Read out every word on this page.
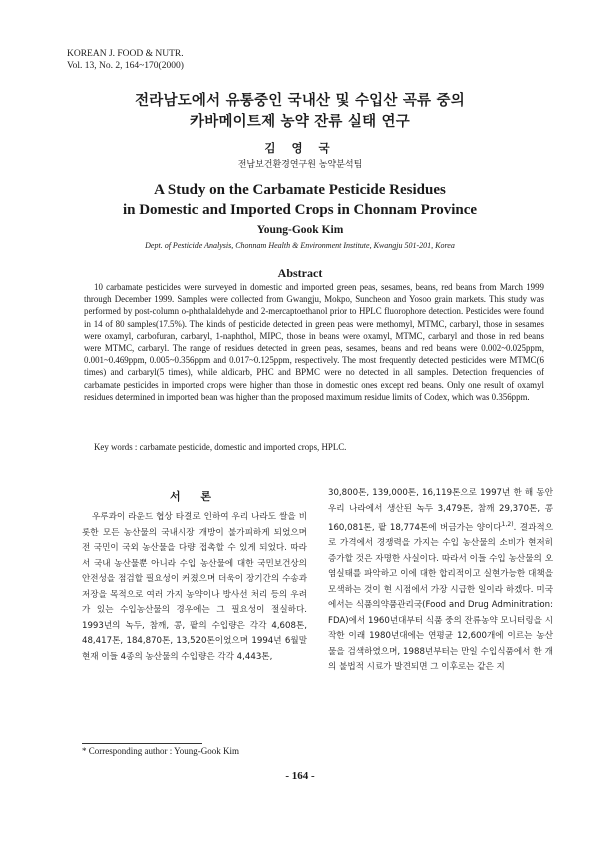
KOREAN J. FOOD & NUTR.
Vol. 13, No. 2, 164~170(2000)
전라남도에서 유통중인 국내산 및 수입산 곡류 중의
카바메이트제 농약 잔류 실태 연구
김 영 국
전남보건환경연구원 농약분석팀
A Study on the Carbamate Pesticide Residues
in Domestic and Imported Crops in Chonnam Province
Young-Gook Kim
Dept. of Pesticide Analysis, Chonnam Health & Environment Institute, Kwangju 501-201, Korea
Abstract
10 carbamate pesticides were surveyed in domestic and imported green peas, sesames, beans, red beans from March 1999 through December 1999. Samples were collected from Gwangju, Mokpo, Suncheon and Yosoo grain markets. This study was performed by post-column o-phthalaldehyde and 2-mercaptoethanol prior to HPLC fluorophore detection. Pesticides were found in 14 of 80 samples(17.5%). The kinds of pesticide detected in green peas were methomyl, MTMC, carbaryl, those in sesames were oxamyl, carbofuran, carbaryl, 1-naphthol, MIPC, those in beans were oxamyl, MTMC, carbaryl and those in red beans were MTMC, carbaryl. The range of residues detected in green peas, sesames, beans and red beans were 0.002~0.025ppm, 0.001~0.469ppm, 0.005~0.356ppm and 0.017~0.125ppm, respectively. The most frequently detected pesticides were MTMC(6 times) and carbaryl(5 times), while aldicarb, PHC and BPMC were no detected in all samples. Detection frequencies of carbamate pesticides in imported crops were higher than those in domestic ones except red beans. Only one result of oxamyl residues determined in imported bean was higher than the proposed maximum residue limits of Codex, which was 0.356ppm.
Key words : carbamate pesticide, domestic and imported crops, HPLC.
서 론
우루과이 라운드 협상 타결로 인하여 우리 나라도 쌀을 비롯한 모든 농산물의 국내시장 개방이 불가피하게 되었으며 전 국민이 국외 농산물을 다량 접촉할 수 있게 되었다. 따라서 국내 농산물뿐 아니라 수입 농산물에 대한 국민보건상의 안전성을 점검할 필요성이 커졌으며 더욱이 장기간의 수송과 저장을 목적으로 여러 가지 농약이나 방사선 처리 등의 우려가 있는 수입농산물의 경우에는 그 필요성이 절실하다. 1993년의 녹두, 참깨, 콩, 팥의 수입량은 각각 4,608톤, 48,417톤, 184,870톤, 13,520톤이었으며 1994년 6월말 현재 이들 4종의 농산물의 수입량은 각각 4,443톤,
30,800톤, 139,000톤, 16,119톤으로 1997년 한 해 동안 우리 나라에서 생산된 녹두 3,479톤, 참깨 29,370톤, 콩 160,081톤, 팥 18,774톤에 버금가는 양이다$^{1,2)}$. 결과적으로 가격에서 경쟁력을 가지는 수입 농산물의 소비가 현저히 증가할 것은 자명한 사실이다. 따라서 이들 수입 농산물의 오염실태를 파악하고 이에 대한 합리적이고 실현가능한 대책을 모색하는 것이 현 시점에서 가장 시급한 일이라 하겠다. 미국에서는 식품의약품관리국(Food and Drug Adminitration: FDA)에서 1960년대부터 식품 중의 잔류농약 모니터링을 시작한 이래 1980년대에는 연평균 12,600개에 이르는 농산물을 검색하였으며, 1988년부터는 만일 수입식품에서 한 개의 불법적 시료가 발견되면 그 이후로는 같은 지
* Corresponding author : Young-Gook Kim
- 164 -
